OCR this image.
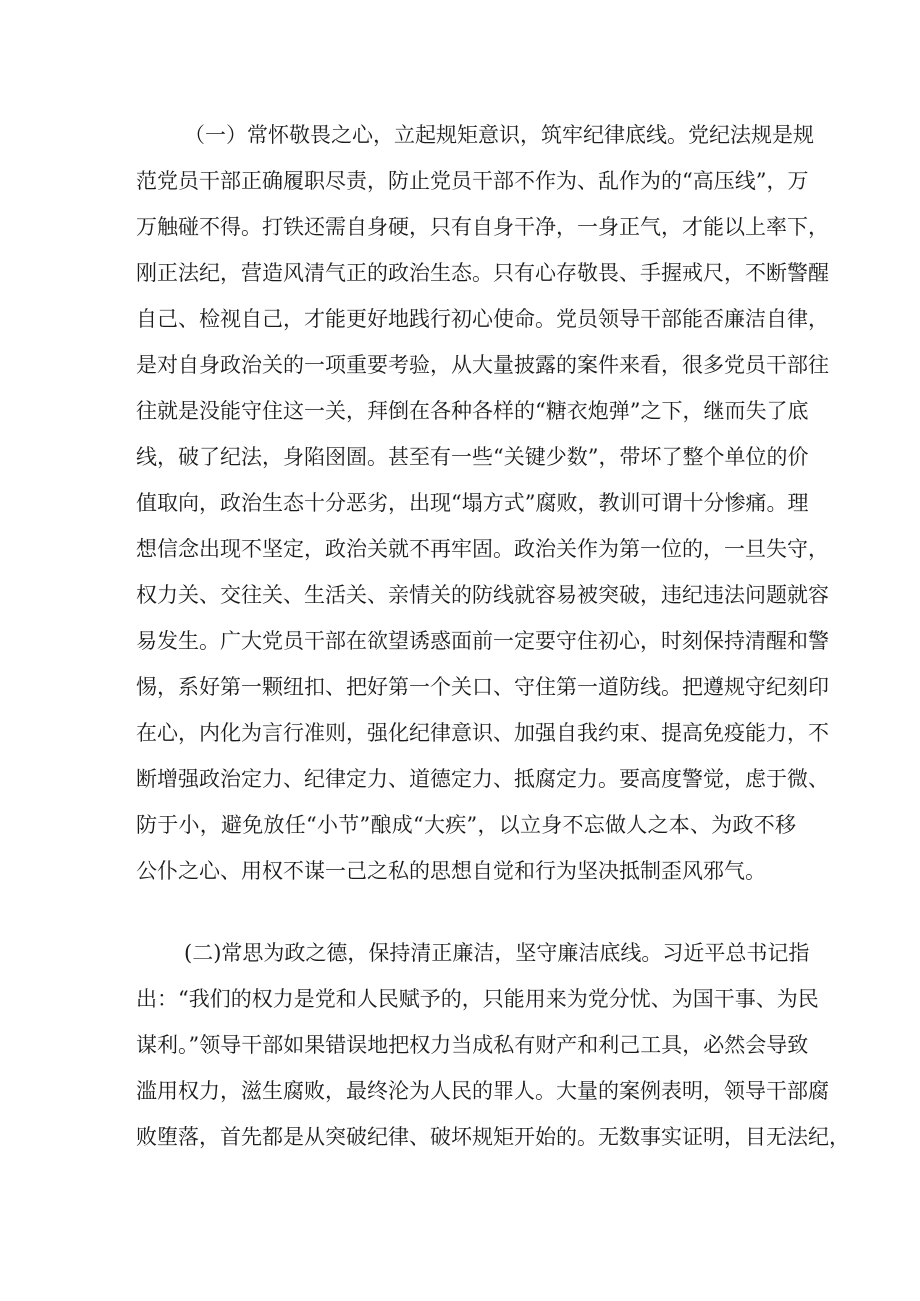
（一）常怀敬畏之心，立起规矩意识，筑牢纪律底线。党纪法规是规
范党员干部正确履职尽责，防止党员干部不作为、乱作为的“高压线”，万
万触碰不得。打铁还需自身硬，只有自身干净，一身正气，才能以上率下，
刚正法纪，营造风清气正的政治生态。只有心存敬畏、手握戒尺，不断警醒
自己、检视自己，才能更好地践行初心使命。党员领导干部能否廉洁自律，
是对自身政治关的一项重要考验，从大量披露的案件来看，很多党员干部往
往就是没能守住这一关，拜倒在各种各样的“糖衣炮弹”之下，继而失了底
线，破了纪法，身陷囹圄。甚至有一些“关键少数”，带坏了整个单位的价
值取向，政治生态十分恶劣，出现“塌方式”腐败，教训可谓十分惨痛。理
想信念出现不坚定，政治关就不再牢固。政治关作为第一位的，一旦失守，
权力关、交往关、生活关、亲情关的防线就容易被突破，违纪违法问题就容
易发生。广大党员干部在欲望诱惑面前一定要守住初心，时刻保持清醒和警
惕，系好第一颗纽扣、把好第一个关口、守住第一道防线。把遵规守纪刻印
在心，内化为言行准则，强化纪律意识、加强自我约束、提高免疫能力，不
断增强政治定力、纪律定力、道德定力、抵腐定力。要高度警觉，虑于微、
防于小，避免放任“小节”酿成“大疾”，以立身不忘做人之本、为政不移
公仆之心、用权不谋一己之私的思想自觉和行为坚决抵制歪风邪气。
(二)常思为政之德，保持清正廉洁，坚守廉洁底线。习近平总书记指
出：“我们的权力是党和人民赋予的，只能用来为党分忧、为国干事、为民
谋利。”领导干部如果错误地把权力当成私有财产和利己工具，必然会导致
滥用权力，滋生腐败，最终沦为人民的罪人。大量的案例表明，领导干部腐
败堕落，首先都是从突破纪律、破坏规矩开始的。无数事实证明，目无法纪，
